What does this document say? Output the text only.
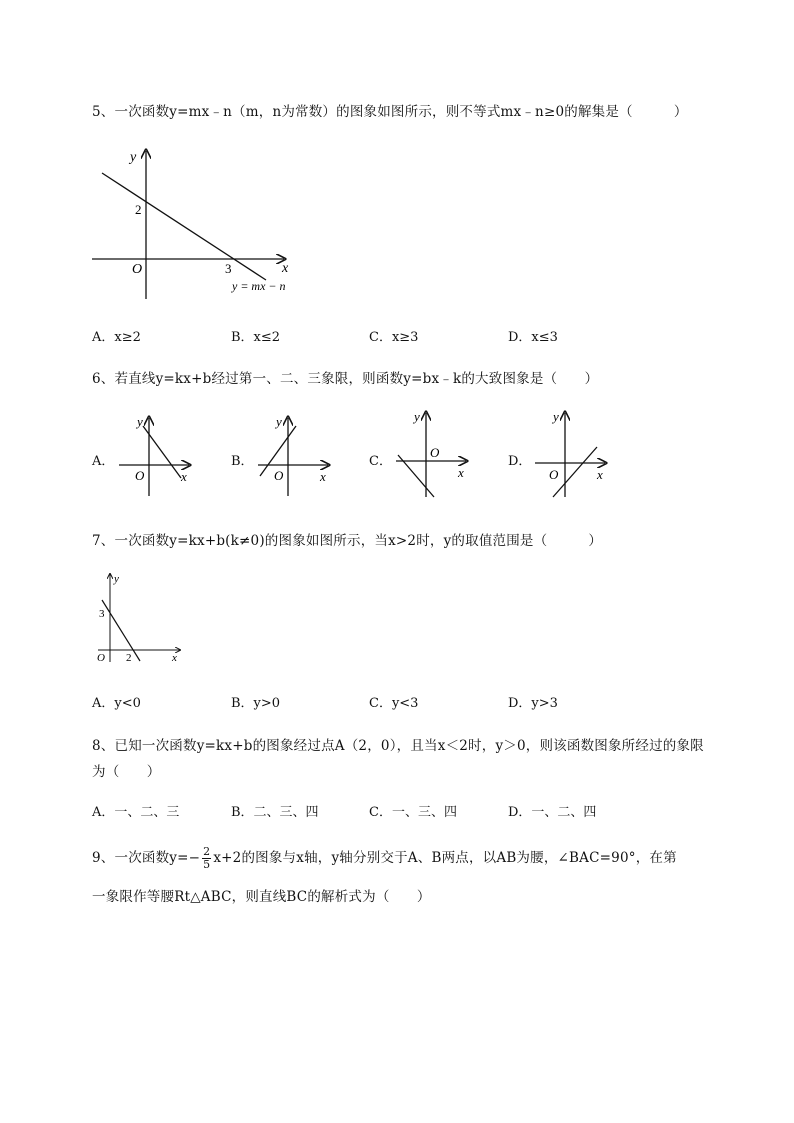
5、一次函数y=mx﹣n（m，n为常数）的图象如图所示，则不等式mx﹣n≥0的解集是（　　　）
y
x
O
2
3
y = mx − n
A．x≥2	B．x≤2	C．x≥3	D．x≤3
6、若直线y=kx+b经过第一、二、三象限，则函数y=bx﹣k的大致图象是（　　）
A．
y
x
O
B．
y
x
O
C．
y
x
O
D．
y
x
O
7、一次函数y=kx+b(k≠0)的图象如图所示，当x>2时，y的取值范围是（　　　）
y
x
O
3
2
A．y<0	B．y>0	C．y<3	D．y>3
8、已知一次函数y=kx+b的图象经过点A（2，0），且当x＜2时，y＞0，则该函数图象所经过的象限
为（　　）
A．一、二、三	B．二、三、四	C．一、三、四	D．一、二、四
9、一次函数$y=- \frac{2}{5} x+2$的图象与x轴，y轴分别交于A、B两点，以AB为腰，∠BAC=90°，在第
一象限作等腰Rt△ABC，则直线BC的解析式为（　　）
